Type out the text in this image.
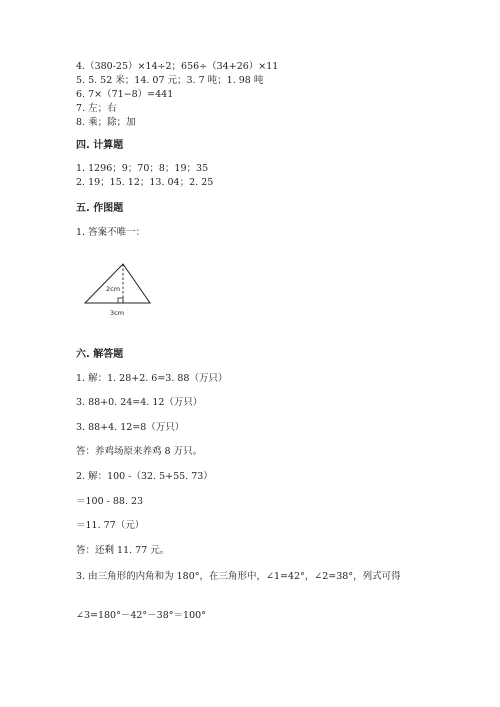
4.（380-25）×14÷2；656÷（34+26）×11
5. 5. 52 米；14. 07 元；3. 7 吨；1. 98 吨
6. 7×（71−8）=441
7. 左；右
8. 乘；除；加
四. 计算题
1. 1296；9；70；8；19；35
2. 19；15. 12；13. 04；2. 25
五. 作图题
1. 答案不唯一：
2cm
3cm
六. 解答题
1. 解：1. 28+2. 6=3. 88（万只）
3. 88+0. 24=4. 12（万只）
3. 88+4. 12=8（万只）
答：养鸡场原来养鸡 8 万只。
2. 解：100 -（32. 5+55. 73）
＝100 - 88. 23
＝11. 77（元）
答：还剩 11. 77 元。
3. 由三角形的内角和为 180°，在三角形中，∠1=42°，∠2=38°，列式可得
∠3=180°－42°－38°＝100°
